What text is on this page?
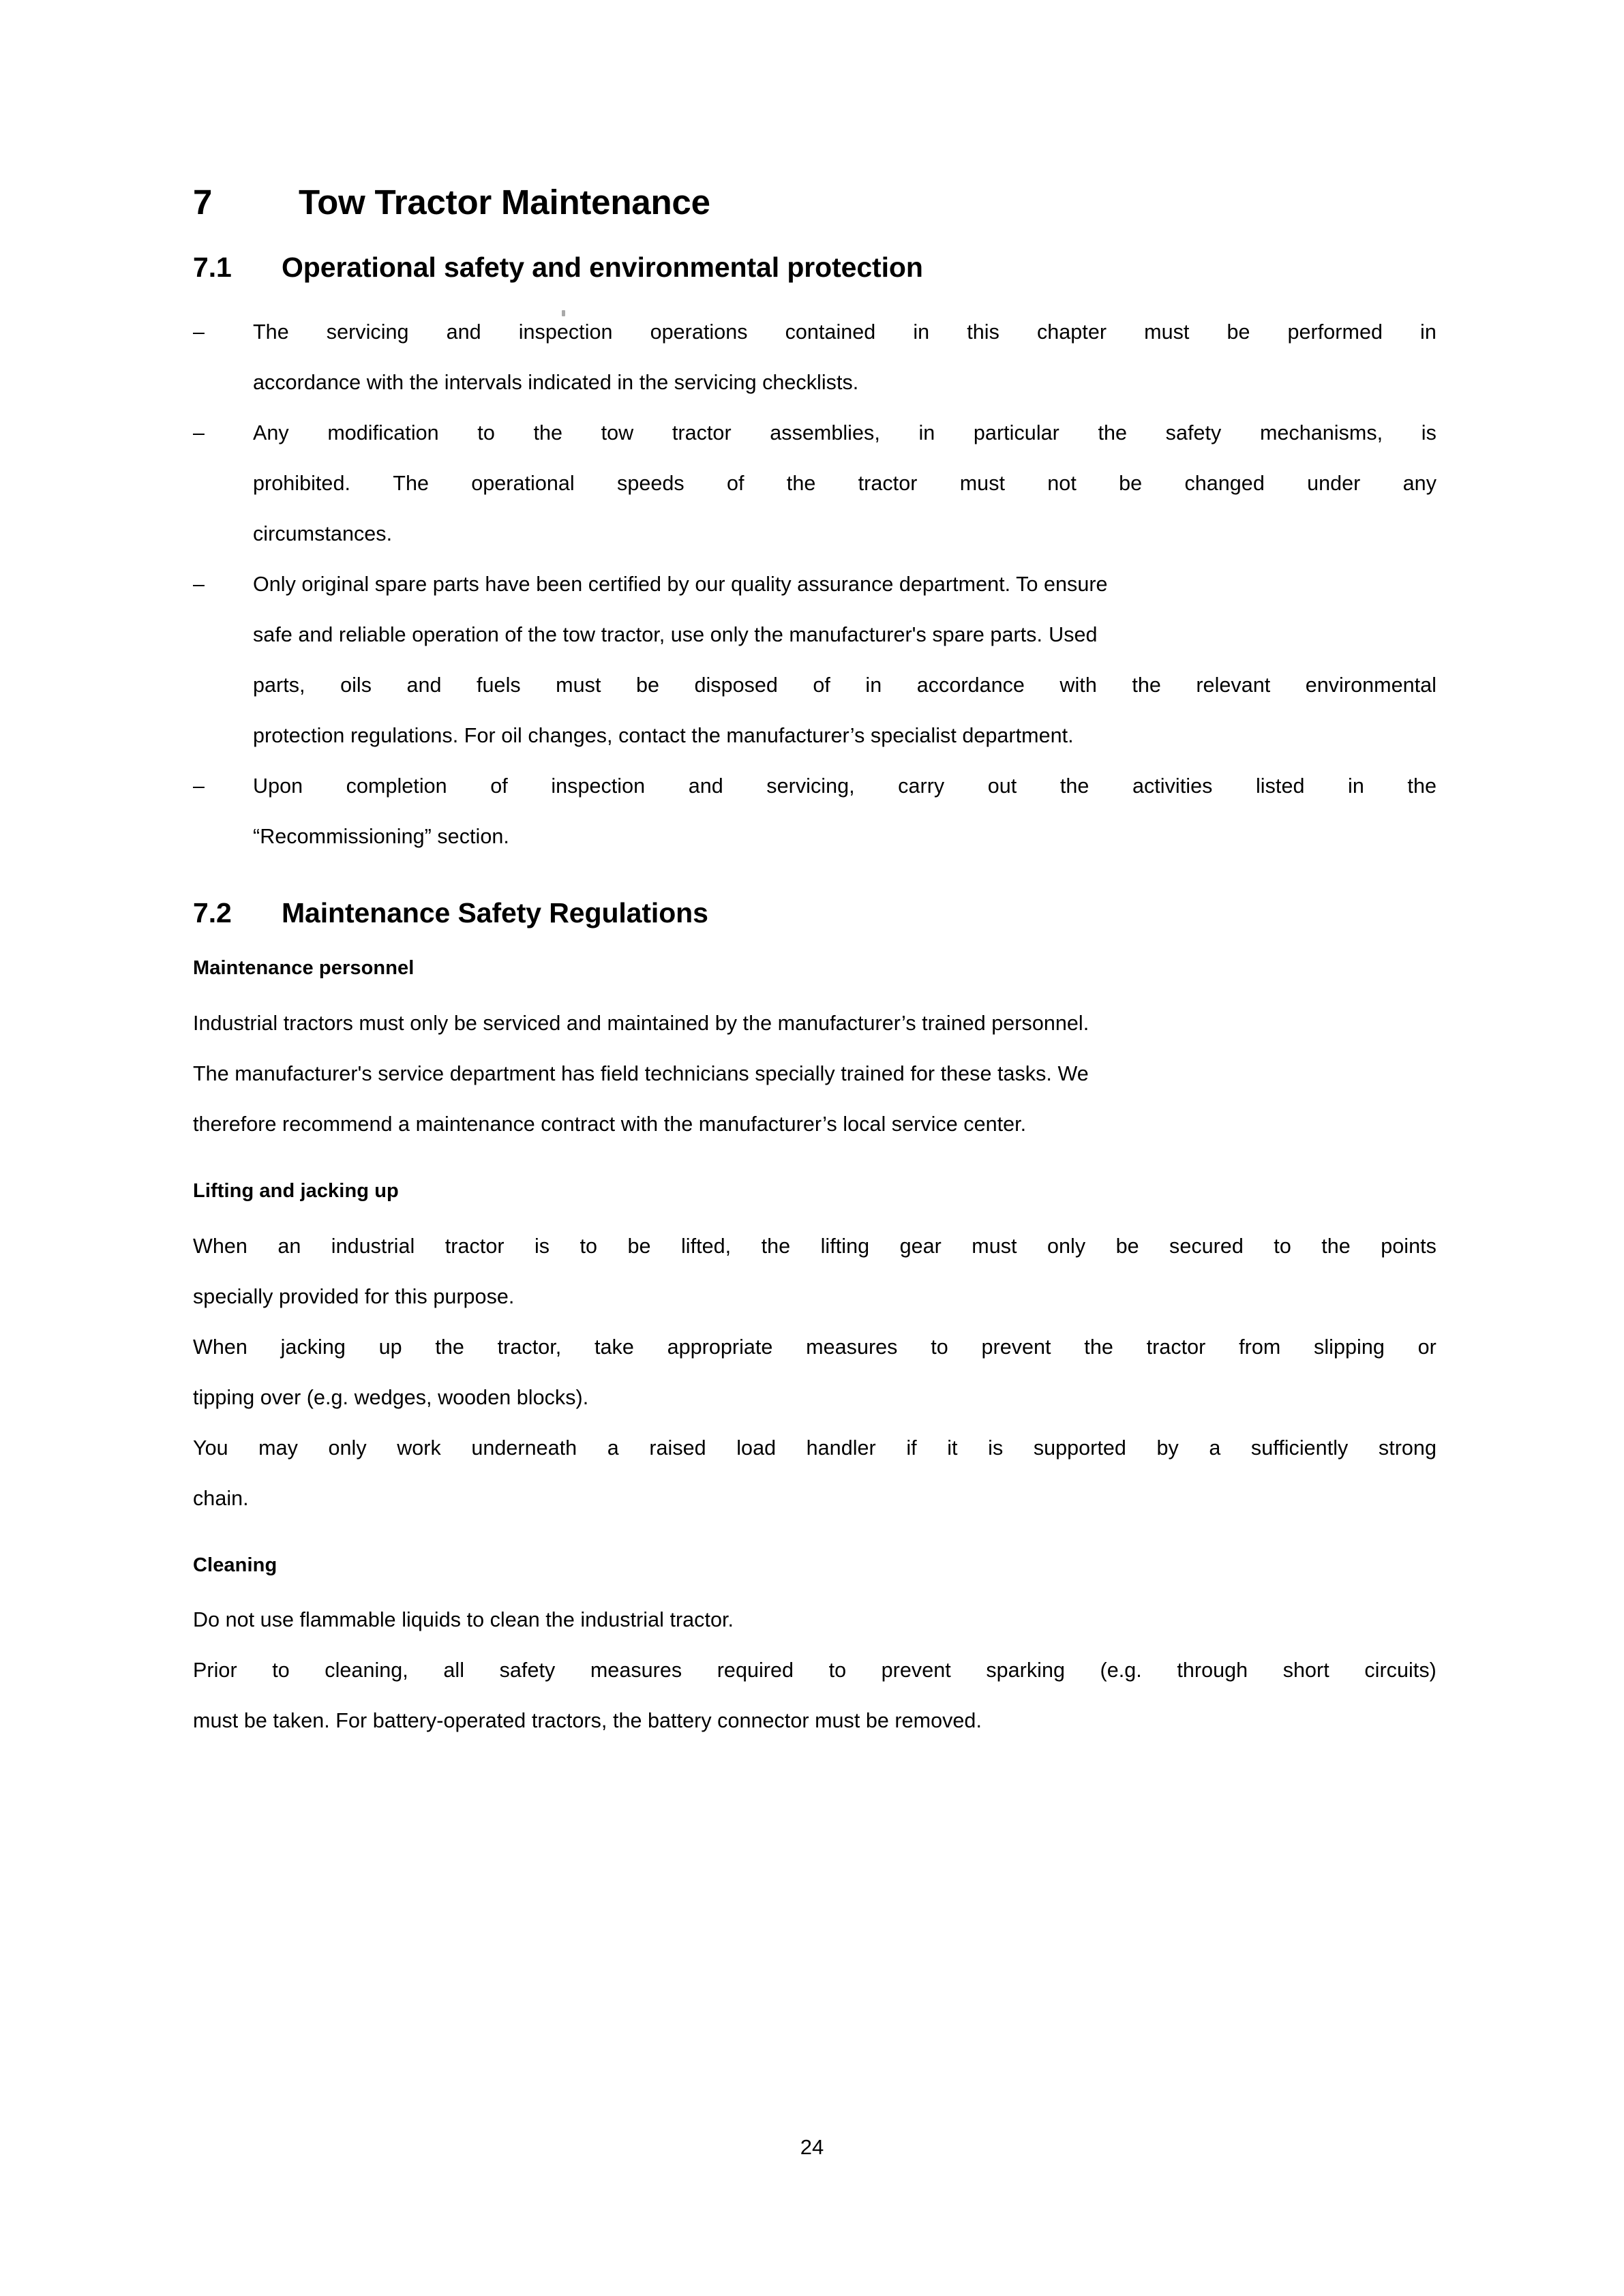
7	Tow Tractor Maintenance
7.1	Operational safety and environmental protection
–	The servicing and inspection operations contained in this chapter must be performed in
accordance with the intervals indicated in the servicing checklists.
–	Any modification to the tow tractor assemblies, in particular the safety mechanisms, is
prohibited. The operational speeds of the tractor must not be changed under any
circumstances.
–	Only original spare parts have been certified by our quality assurance department. To ensure
safe and reliable operation of the tow tractor, use only the manufacturer's spare parts. Used
parts, oils and fuels must be disposed of in accordance with the relevant environmental
protection regulations. For oil changes, contact the manufacturer’s specialist department.
–	Upon completion of inspection and servicing, carry out the activities listed in the
“Recommissioning” section.
7.2	Maintenance Safety Regulations
Maintenance personnel
Industrial tractors must only be serviced and maintained by the manufacturer’s trained personnel.
The manufacturer's service department has field technicians specially trained for these tasks. We
therefore recommend a maintenance contract with the manufacturer’s local service center.
Lifting and jacking up
When an industrial tractor is to be lifted, the lifting gear must only be secured to the points
specially provided for this purpose.
When jacking up the tractor, take appropriate measures to prevent the tractor from slipping or
tipping over (e.g. wedges, wooden blocks).
You may only work underneath a raised load handler if it is supported by a sufficiently strong
chain.
Cleaning
Do not use flammable liquids to clean the industrial tractor.
Prior to cleaning, all safety measures required to prevent sparking (e.g. through short circuits)
must be taken. For battery-operated tractors, the battery connector must be removed.
24
